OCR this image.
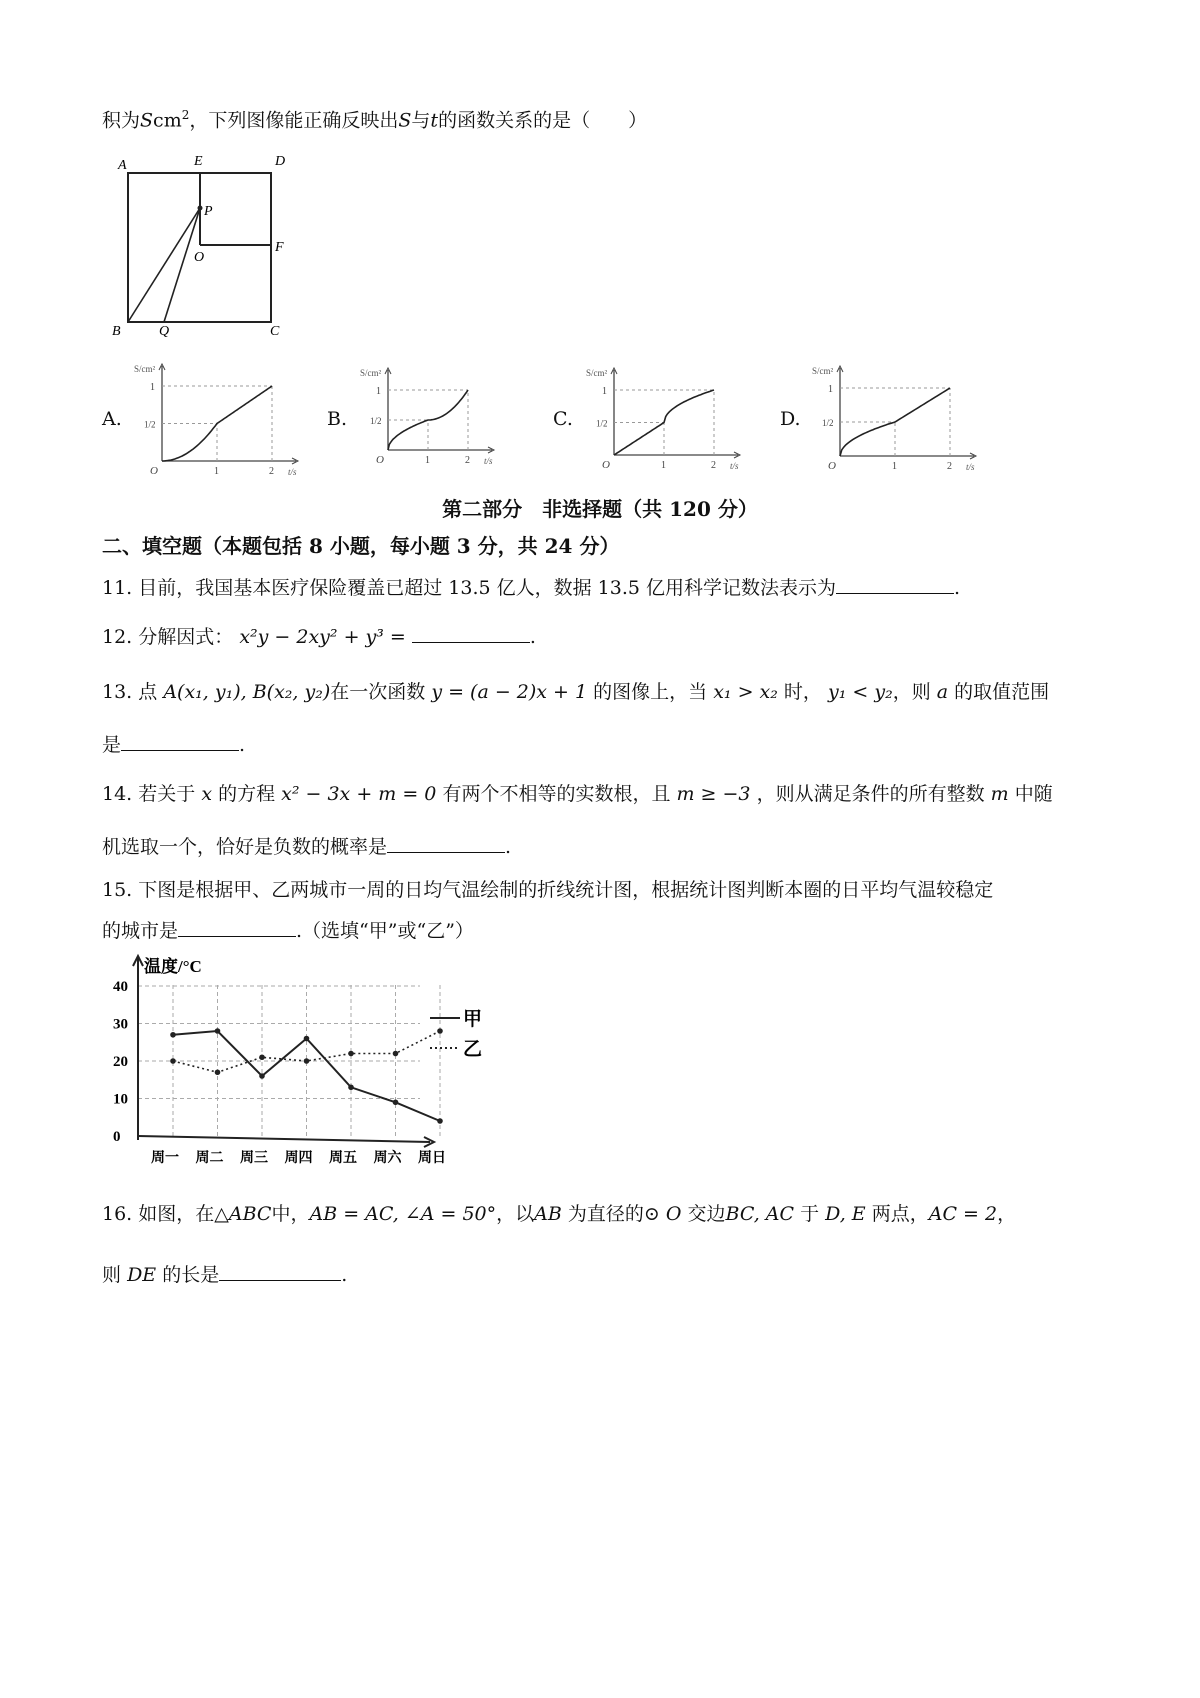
积为Scm$^2$，下列图像能正确反映出S与t的函数关系的是（　　）
A	E	D
P
F
O
B	Q	C
A.	B.	C.	D.
S/cm²
t/s
1
1/2
O	1	2
S/cm²
t/s
1
1/2
O	1	2
S/cm²
t/s
1
1/2
O	1	2
S/cm²
t/s
1
1/2
O	1	2
第二部分　非选择题（共 120 分）
二、填空题（本题包括 8 小题，每小题 3 分，共 24 分）
11. 目前，我国基本医疗保险覆盖已超过 13.5 亿人，数据 13.5 亿用科学记数法表示为	.
12. 分解因式： x²y − 2xy² + y³ =	.
13. 点 A(x₁, y₁), B(x₂, y₂)在一次函数 y = (a − 2)x + 1 的图像上，当 x₁ > x₂ 时， y₁ < y₂，则 a 的取值范围
是	.
14. 若关于 x 的方程 x² − 3x + m = 0 有两个不相等的实数根，且 m ≥ −3 ，则从满足条件的所有整数 m 中随
机选取一个，恰好是负数的概率是	.
15. 下图是根据甲、乙两城市一周的日均气温绘制的折线统计图，根据统计图判断本圈的日平均气温较稳定
的城市是	.（选填“甲”或“乙”）
温度/°C
0
10
20
30
40
周一 周二 周三 周四 周五 周六 周日
甲
乙
16. 如图，在△ABC中，AB = AC, ∠A = 50°，以AB 为直径的⊙ O 交边BC, AC 于 D, E 两点，AC = 2，
则 DE 的长是	.
